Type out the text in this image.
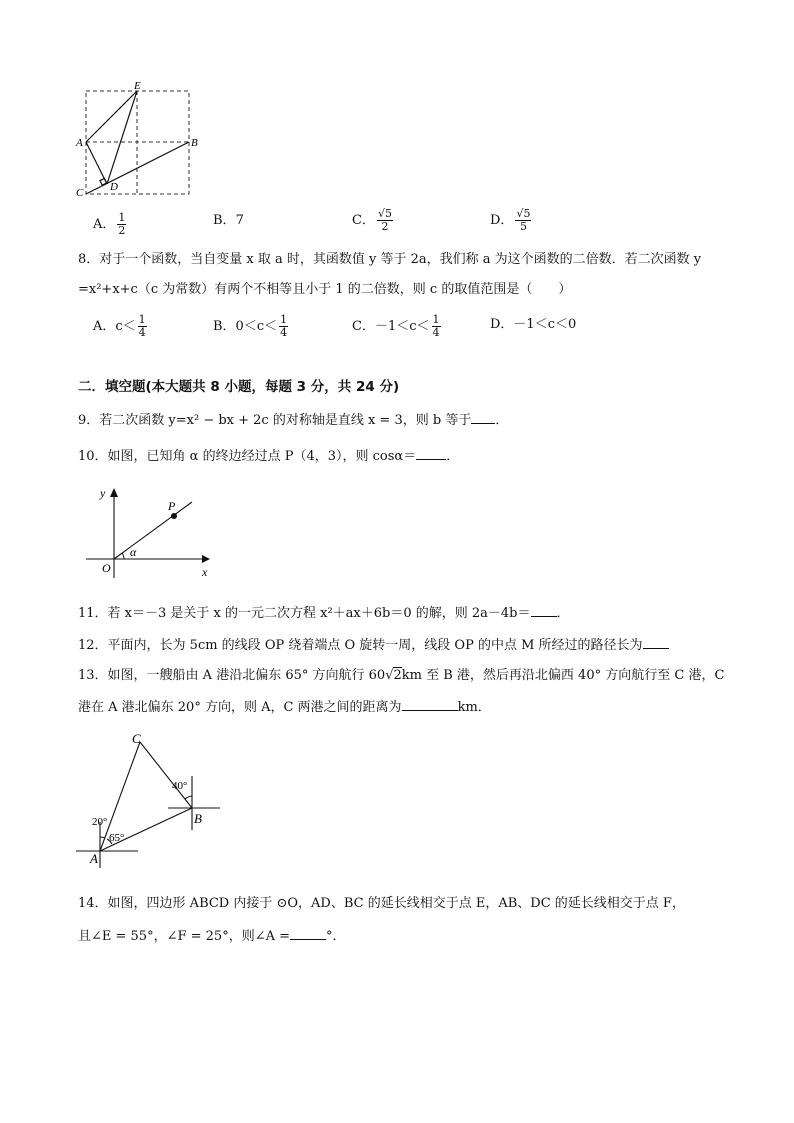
E
A	B
C D
A． $\frac{1}{2}$	B．7	C． $\frac{√5}{2}$	D． $\frac{√5}{5}$
8．对于一个函数，当自变量 x 取 a 时，其函数值 y 等于 2a，我们称 a 为这个函数的二倍数．若二次函数 y
=x²+x+c（c 为常数）有两个不相等且小于 1 的二倍数，则 c 的取值范围是（　　）
A．$c< \frac{1}{4}$	B．$0<c< \frac{1}{4}$	C．$-1<c< \frac{1}{4}$	D．－1＜c＜0
二．填空题(本大题共 8 小题，每题 3 分，共 24 分)
9．若二次函数 y=x² − bx + 2c 的对称轴是直线 x = 3，则 b 等于 ．
10．如图，已知角 α 的终边经过点 P（4，3），则 cosα＝ ．
y
P
α
O	x
11．若 x＝－3 是关于 x 的一元二次方程 x²＋ax＋6b＝0 的解，则 2a－4b＝ ．
12．平面内，长为 5cm 的线段 OP 绕着端点 O 旋转一周，线段 OP 的中点 M 所经过的路径长为
13．如图，一艘船由 A 港沿北偏东 65° 方向航行 60√2km 至 B 港，然后再沿北偏西 40° 方向航行至 C 港，C
港在 A 港北偏东 20° 方向，则 A，C 两港之间的距离为	km．
C
40°
B
20°
65°
A
14．如图，四边形 ABCD 内接于 ⊙O，AD、BC 的延长线相交于点 E，AB、DC 的延长线相交于点 F，
且∠E = 55°，∠F = 25°，则∠A =	°．
